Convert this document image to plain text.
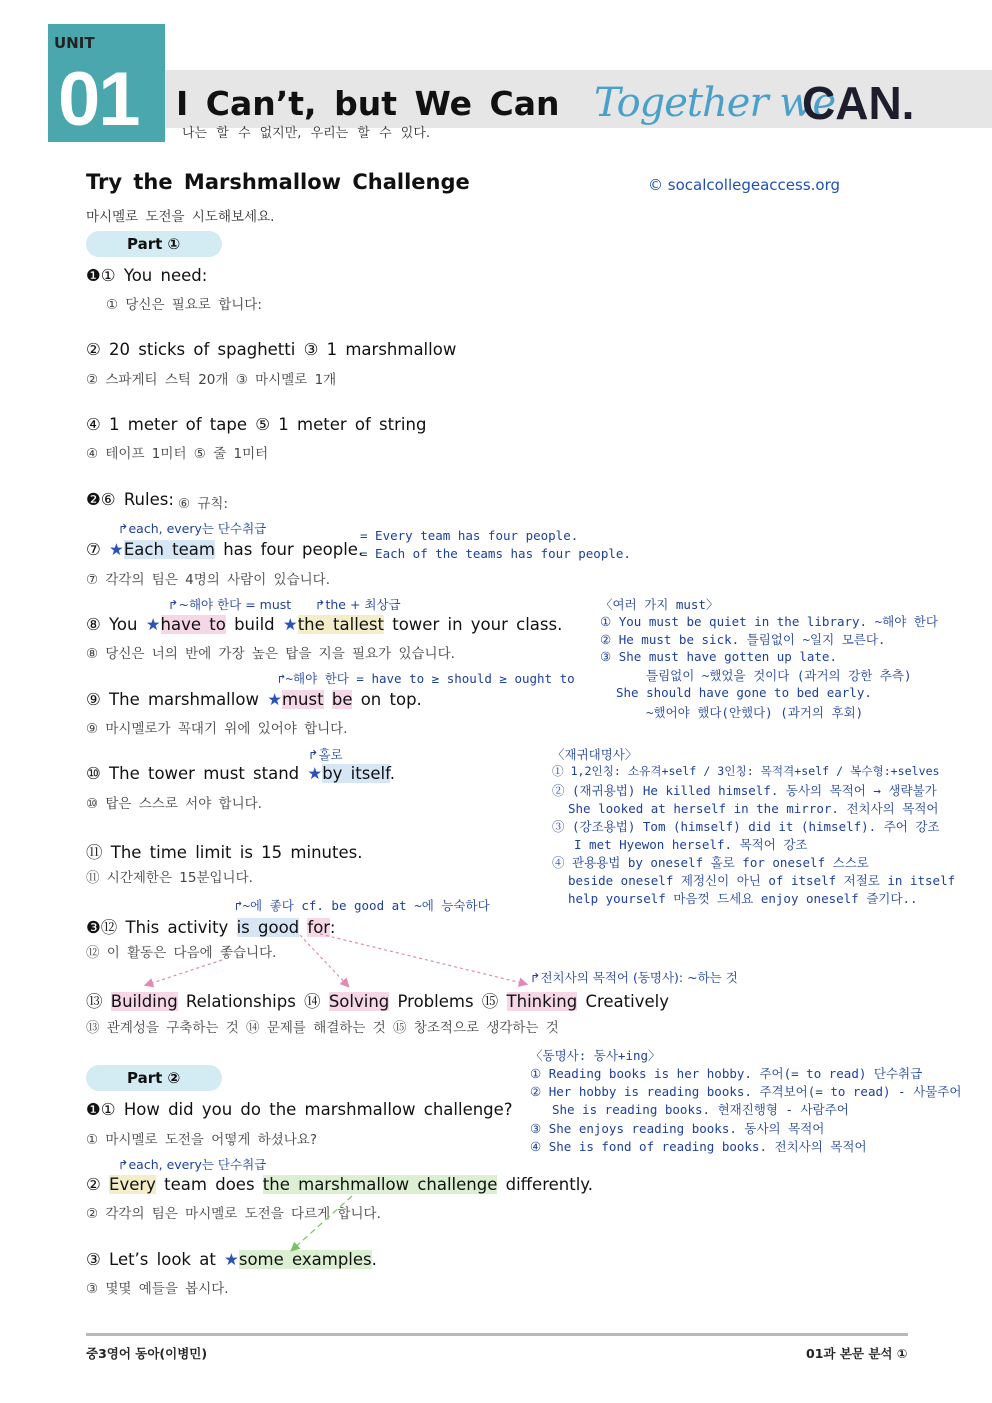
UNIT
01 I Can’t, but We Can
나는 할 수 없지만, 우리는 할 수 있다.
Together we
CAN.
Try the Marshmallow Challenge
마시멜로 도전을 시도해보세요.
© socalcollegeaccess.org
Part ①
❶① You need:
① 당신은 필요로 합니다:
② 20 sticks of spaghetti ③ 1 marshmallow
② 스파게티 스틱 20개 ③ 마시멜로 1개
④ 1 meter of tape ⑤ 1 meter of string
④ 테이프 1미터 ⑤ 줄 1미터
❷⑥ Rules: ⑥ 규칙:
↱each, every는 단수취급	= Every team has four people.
= Each of the teams has four people.
⑦ ★Each team has four people.
⑦ 각각의 팀은 4명의 사람이 있습니다.
↱~해야 한다 = must ↱the + 최상급
⑧ You ★have to build ★the tallest tower in your class.
⑧ 당신은 너의 반에 가장 높은 탑을 지을 필요가 있습니다.
↱~해야 한다 = have to ≥ should ≥ ought to
⑨ The marshmallow ★must be on top.
⑨ 마시멜로가 꼭대기 위에 있어야 합니다.
↱홀로
⑩ The tower must stand ★by itself.
⑩ 탑은 스스로 서야 합니다.
⑪ The time limit is 15 minutes.
⑪ 시간제한은 15분입니다.
↱~에 좋다 cf. be good at ~에 능숙하다
❸⑫ This activity is good for:
⑫ 이 활동은 다음에 좋습니다.
↱전치사의 목적어 (동명사): ~하는 것
⑬ Building Relationships ⑭ Solving Problems ⑮ Thinking Creatively
⑬ 관계성을 구축하는 것 ⑭ 문제를 해결하는 것 ⑮ 창조적으로 생각하는 것
〈여러 가지 must〉
① You must be quiet in the library. ~해야 한다
② He must be sick. 틀림없이 ~일지 모른다.
③ She must have gotten up late.
틀림없이 ~했었을 것이다 (과거의 강한 추측)
She should have gone to bed early.
~했어야 했다(안했다) (과거의 후회)
〈재귀대명사〉
① 1,2인칭: 소유격+self / 3인칭: 목적격+self / 복수형:+selves
② (재귀용법) He killed himself. 동사의 목적어 → 생략불가
She looked at herself in the mirror. 전치사의 목적어
③ (강조용법) Tom (himself) did it (himself). 주어 강조
I met Hyewon herself. 목적어 강조
④ 관용용법 by oneself 홀로 for oneself 스스로
beside oneself 제정신이 아닌 of itself 저절로 in itself
help yourself 마음껏 드세요 enjoy oneself 즐기다..
〈동명사: 동사+ing〉
① Reading books is her hobby. 주어(= to read) 단수취급
② Her hobby is reading books. 주격보어(= to read) - 사물주어
She is reading books. 현재진행형 - 사람주어
③ She enjoys reading books. 동사의 목적어
④ She is fond of reading books. 전치사의 목적어
Part ②
❶① How did you do the marshmallow challenge?
① 마시멜로 도전을 어떻게 하셨나요?
↱each, every는 단수취급
② Every team does the marshmallow challenge differently.
② 각각의 팀은 마시멜로 도전을 다르게 합니다.
③ Let’s look at ★some examples.
③ 몇몇 예들을 봅시다.
중3영어 동아(이병민)	01과 본문 분석 ①
